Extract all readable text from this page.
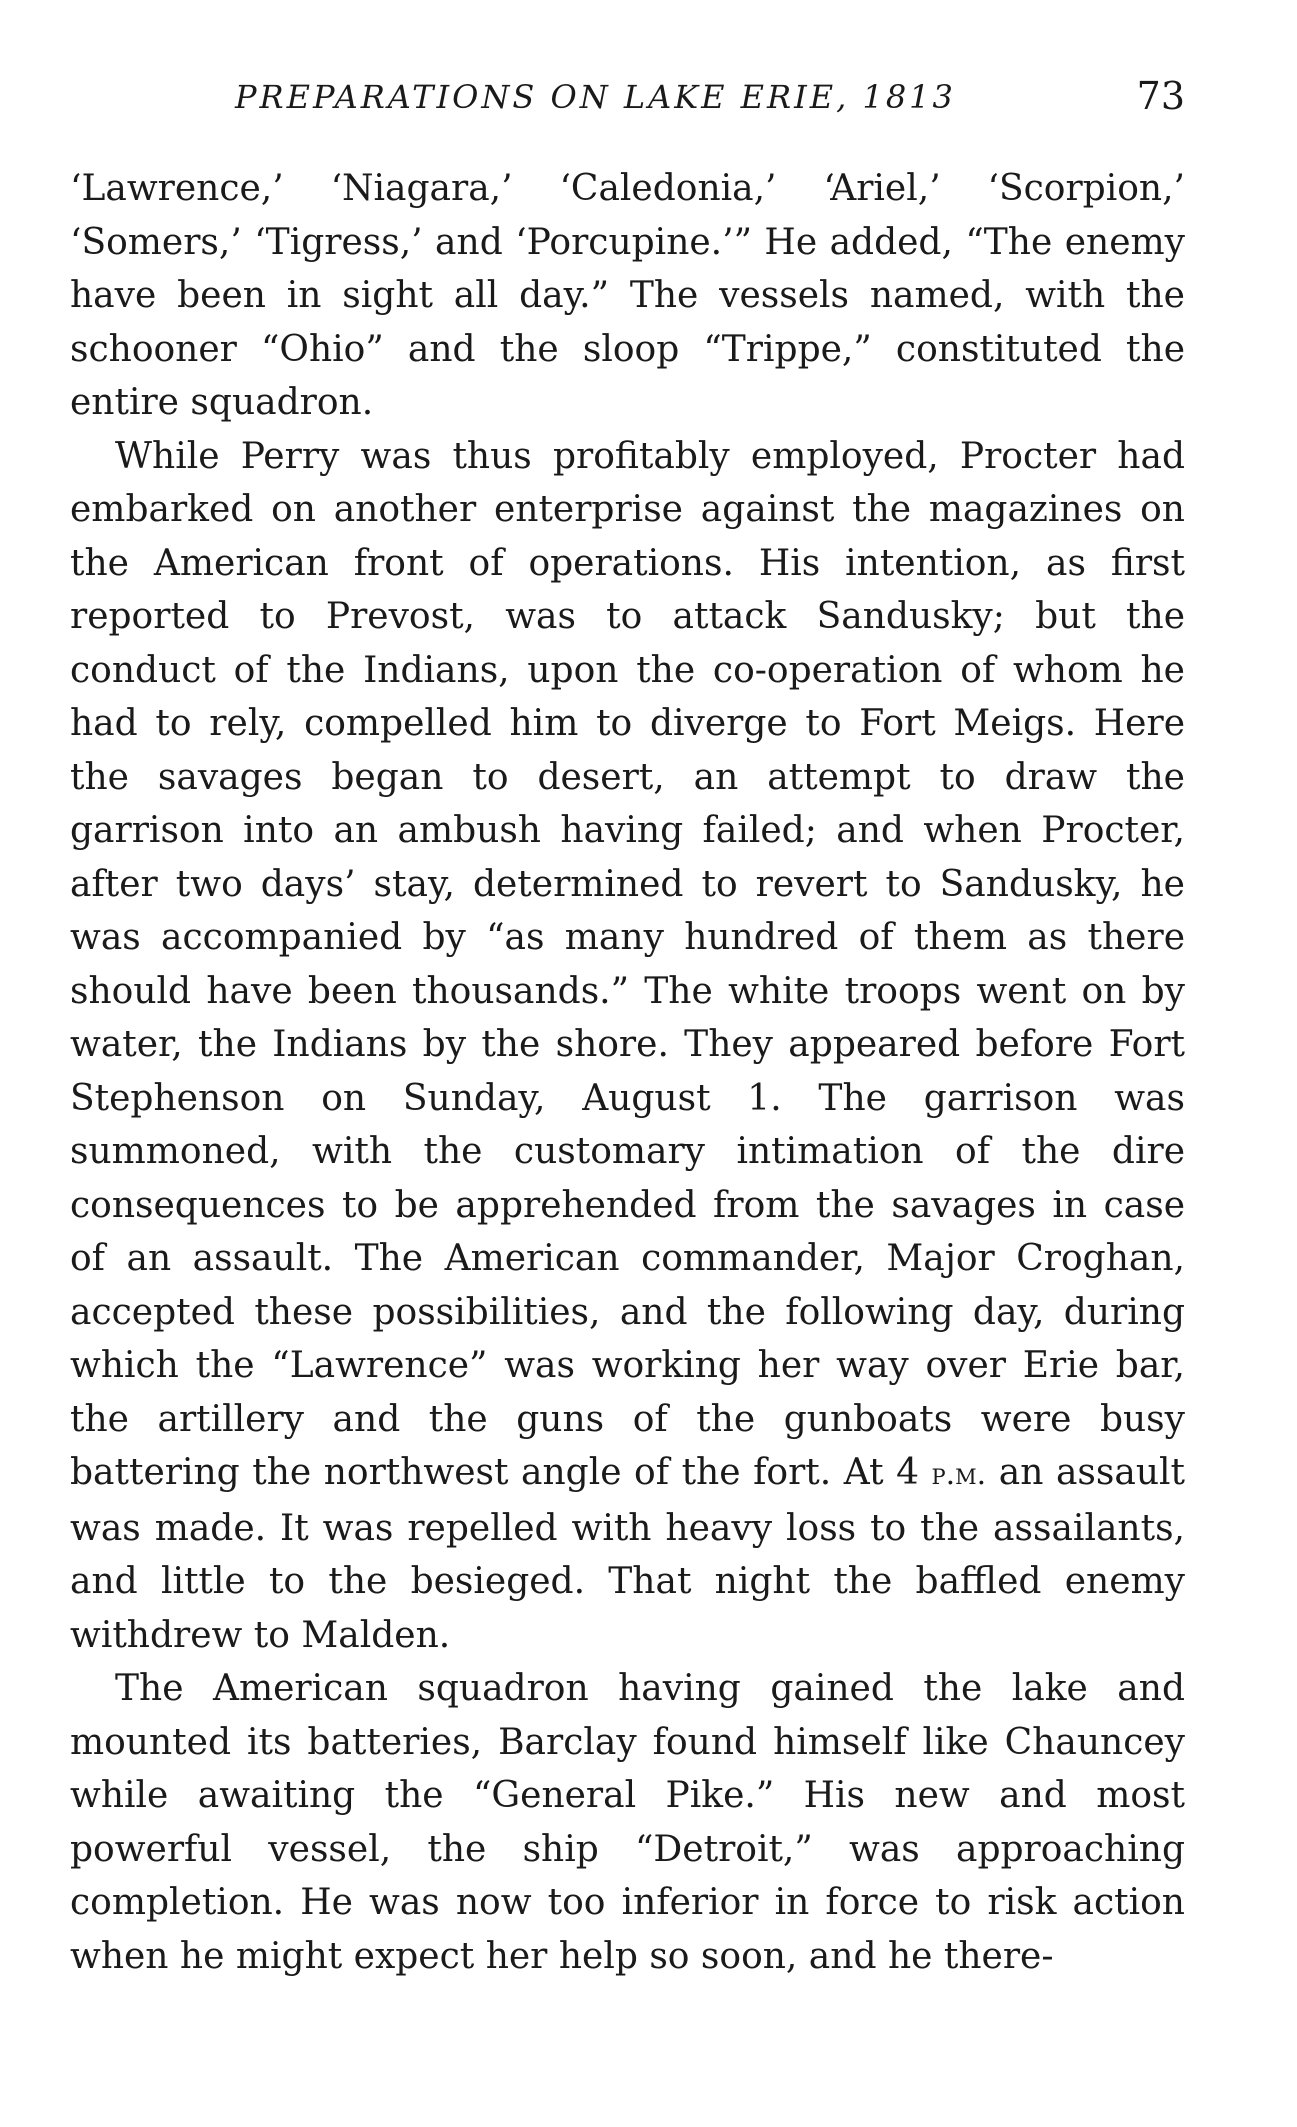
PREPARATIONS ON LAKE ERIE, 1813	73

‘Lawrence,’ ‘Niagara,’ ‘Caledonia,’ ‘Ariel,’ ‘Scorpion,’ ‘Somers,’ ‘Tigress,’ and ‘Porcupine.’” He added, “The enemy have been in sight all day.” The vessels named, with the schooner “Ohio” and the sloop “Trippe,” constituted the entire squadron.

While Perry was thus profitably employed, Procter had embarked on another enterprise against the magazines on the American front of operations. His intention, as first reported to Prevost, was to attack Sandusky; but the conduct of the Indians, upon the co-operation of whom he had to rely, compelled him to diverge to Fort Meigs. Here the savages began to desert, an attempt to draw the garrison into an ambush having failed; and when Procter, after two days’ stay, determined to revert to Sandusky, he was accompanied by “as many hundred of them as there should have been thousands.” The white troops went on by water, the Indians by the shore. They appeared before Fort Stephenson on Sunday, August 1. The garrison was summoned, with the customary intimation of the dire consequences to be apprehended from the savages in case of an assault. The American commander, Major Croghan, accepted these possibilities, and the following day, during which the “Lawrence” was working her way over Erie bar, the artillery and the guns of the gunboats were busy battering the northwest angle of the fort. At 4 p.m. an assault was made. It was repelled with heavy loss to the assailants, and little to the besieged. That night the baffled enemy withdrew to Malden.

The American squadron having gained the lake and mounted its batteries, Barclay found himself like Chauncey while awaiting the “General Pike.” His new and most powerful vessel, the ship “Detroit,” was approaching completion. He was now too inferior in force to risk action when he might expect her help so soon, and he there-
